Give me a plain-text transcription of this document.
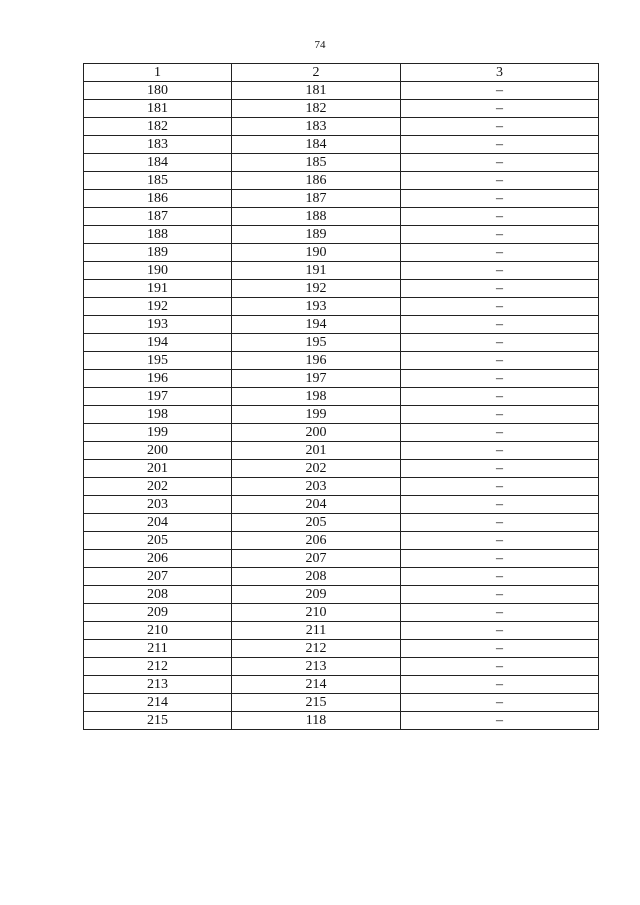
74
1	2	3
180	181	–
181	182	–
182	183	–
183	184	–
184	185	–
185	186	–
186	187	–
187	188	–
188	189	–
189	190	–
190	191	–
191	192	–
192	193	–
193	194	–
194	195	–
195	196	–
196	197	–
197	198	–
198	199	–
199	200	–
200	201	–
201	202	–
202	203	–
203	204	–
204	205	–
205	206	–
206	207	–
207	208	–
208	209	–
209	210	–
210	211	–
211	212	–
212	213	–
213	214	–
214	215	–
215	118	–
